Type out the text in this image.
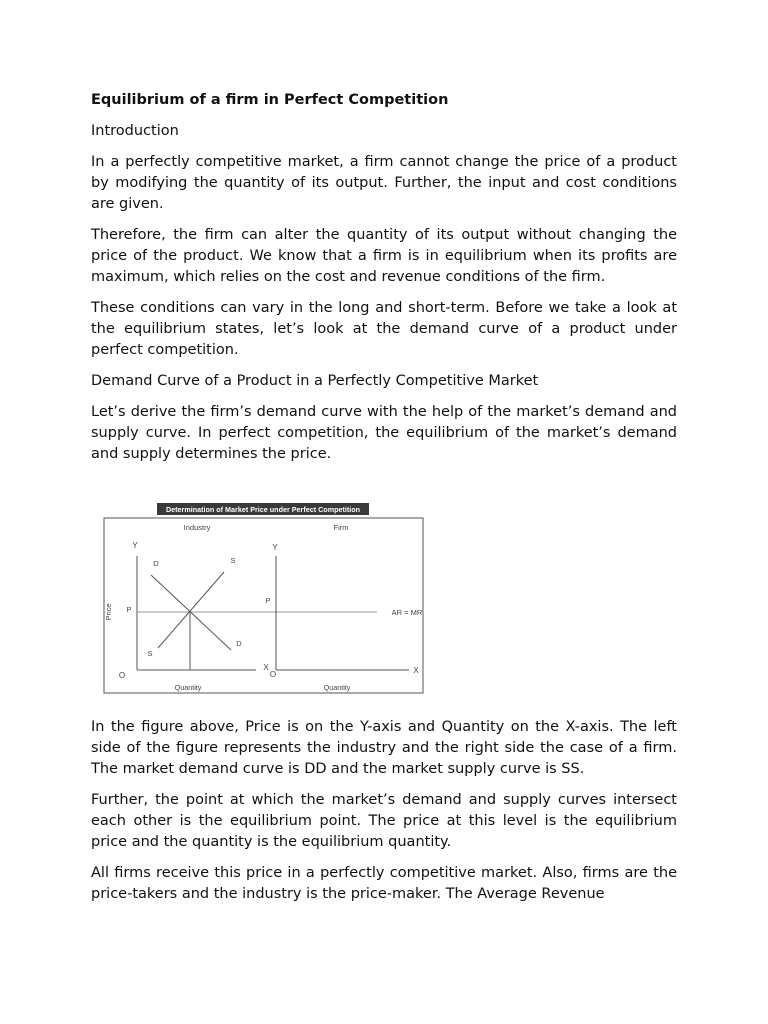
Equilibrium of a firm in Perfect Competition
Introduction

In a perfectly competitive market, a firm cannot change the price of a product by modifying the quantity of its output. Further, the input and cost conditions are given.

Therefore, the firm can alter the quantity of its output without changing the price of the product. We know that a firm is in equilibrium when its profits are maximum, which relies on the cost and revenue conditions of the firm.

These conditions can vary in the long and short-term. Before we take a look at the equilibrium states, let’s look at the demand curve of a product under perfect competition.

Demand Curve of a Product in a Perfectly Competitive Market

Let’s derive the firm’s demand curve with the help of the market’s demand and supply curve. In perfect competition, the equilibrium of the market’s demand and supply determines the price.

Determination of Market Price under Perfect Competition
Industry	Firm
Y
X
O
Price P
D
D
S
S
Quantity
Y
X
O
P
AR = MR
Quantity

In the figure above, Price is on the Y-axis and Quantity on the X-axis. The left side of the figure represents the industry and the right side the case of a firm. The market demand curve is DD and the market supply curve is SS.

Further, the point at which the market’s demand and supply curves intersect each other is the equilibrium point. The price at this level is the equilibrium price and the quantity is the equilibrium quantity.

All firms receive this price in a perfectly competitive market. Also, firms are the price-takers and the industry is the price-maker. The Average Revenue
